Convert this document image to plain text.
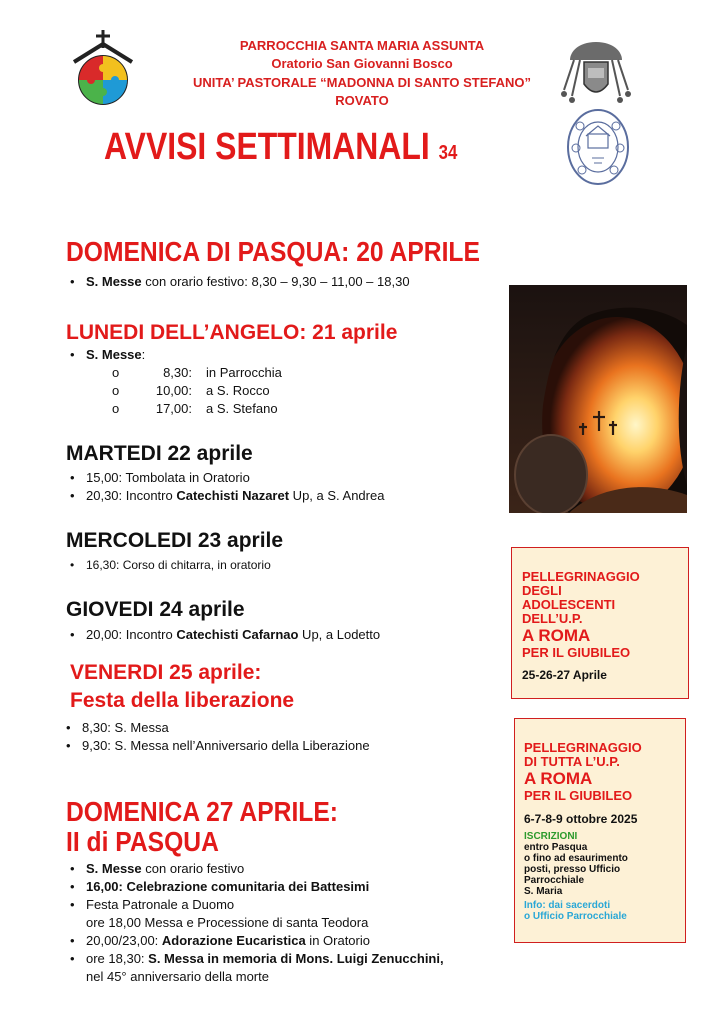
PARROCCHIA SANTA MARIA ASSUNTA
Oratorio San Giovanni Bosco
UNITA’ PASTORALE “MADONNA DI SANTO STEFANO”
ROVATO
AVVISI SETTIMANALI 34
DOMENICA DI PASQUA: 20 APRILE
• S. Messe con orario festivo: 8,30 – 9,30 – 11,00 – 18,30
LUNEDI DELL’ANGELO: 21 aprile
• S. Messe:
o	8,30: in Parrocchia
o	10,00: a S. Rocco
o	17,00: a S. Stefano
MARTEDI 22 aprile
• 15,00: Tombolata in Oratorio
• 20,30: Incontro Catechisti Nazaret Up, a S. Andrea
MERCOLEDI 23 aprile
• 16,30: Corso di chitarra, in oratorio
GIOVEDI 24 aprile
• 20,00: Incontro Catechisti Cafarnao Up, a Lodetto
VENERDI 25 aprile:
Festa della liberazione
• 8,30: S. Messa
• 9,30: S. Messa nell’Anniversario della Liberazione
DOMENICA 27 APRILE:
II di PASQUA
• S. Messe con orario festivo
• 16,00: Celebrazione comunitaria dei Battesimi
• Festa Patronale a Duomo
ore 18,00 Messa e Processione di santa Teodora
• 20,00/23,00: Adorazione Eucaristica in Oratorio
• ore 18,30: S. Messa in memoria di Mons. Luigi Zenucchini,
nel 45° anniversario della morte
PELLEGRINAGGIO
DEGLI
ADOLESCENTI
DELL’U.P.
A ROMA
PER IL GIUBILEO
25-26-27 Aprile
PELLEGRINAGGIO
DI TUTTA L’U.P.
A ROMA
PER IL GIUBILEO
6-7-8-9 ottobre 2025
ISCRIZIONI
entro Pasqua
o fino ad esaurimento
posti, presso Ufficio
Parrocchiale
S. Maria
Info: dai sacerdoti
o Ufficio Parrocchiale
